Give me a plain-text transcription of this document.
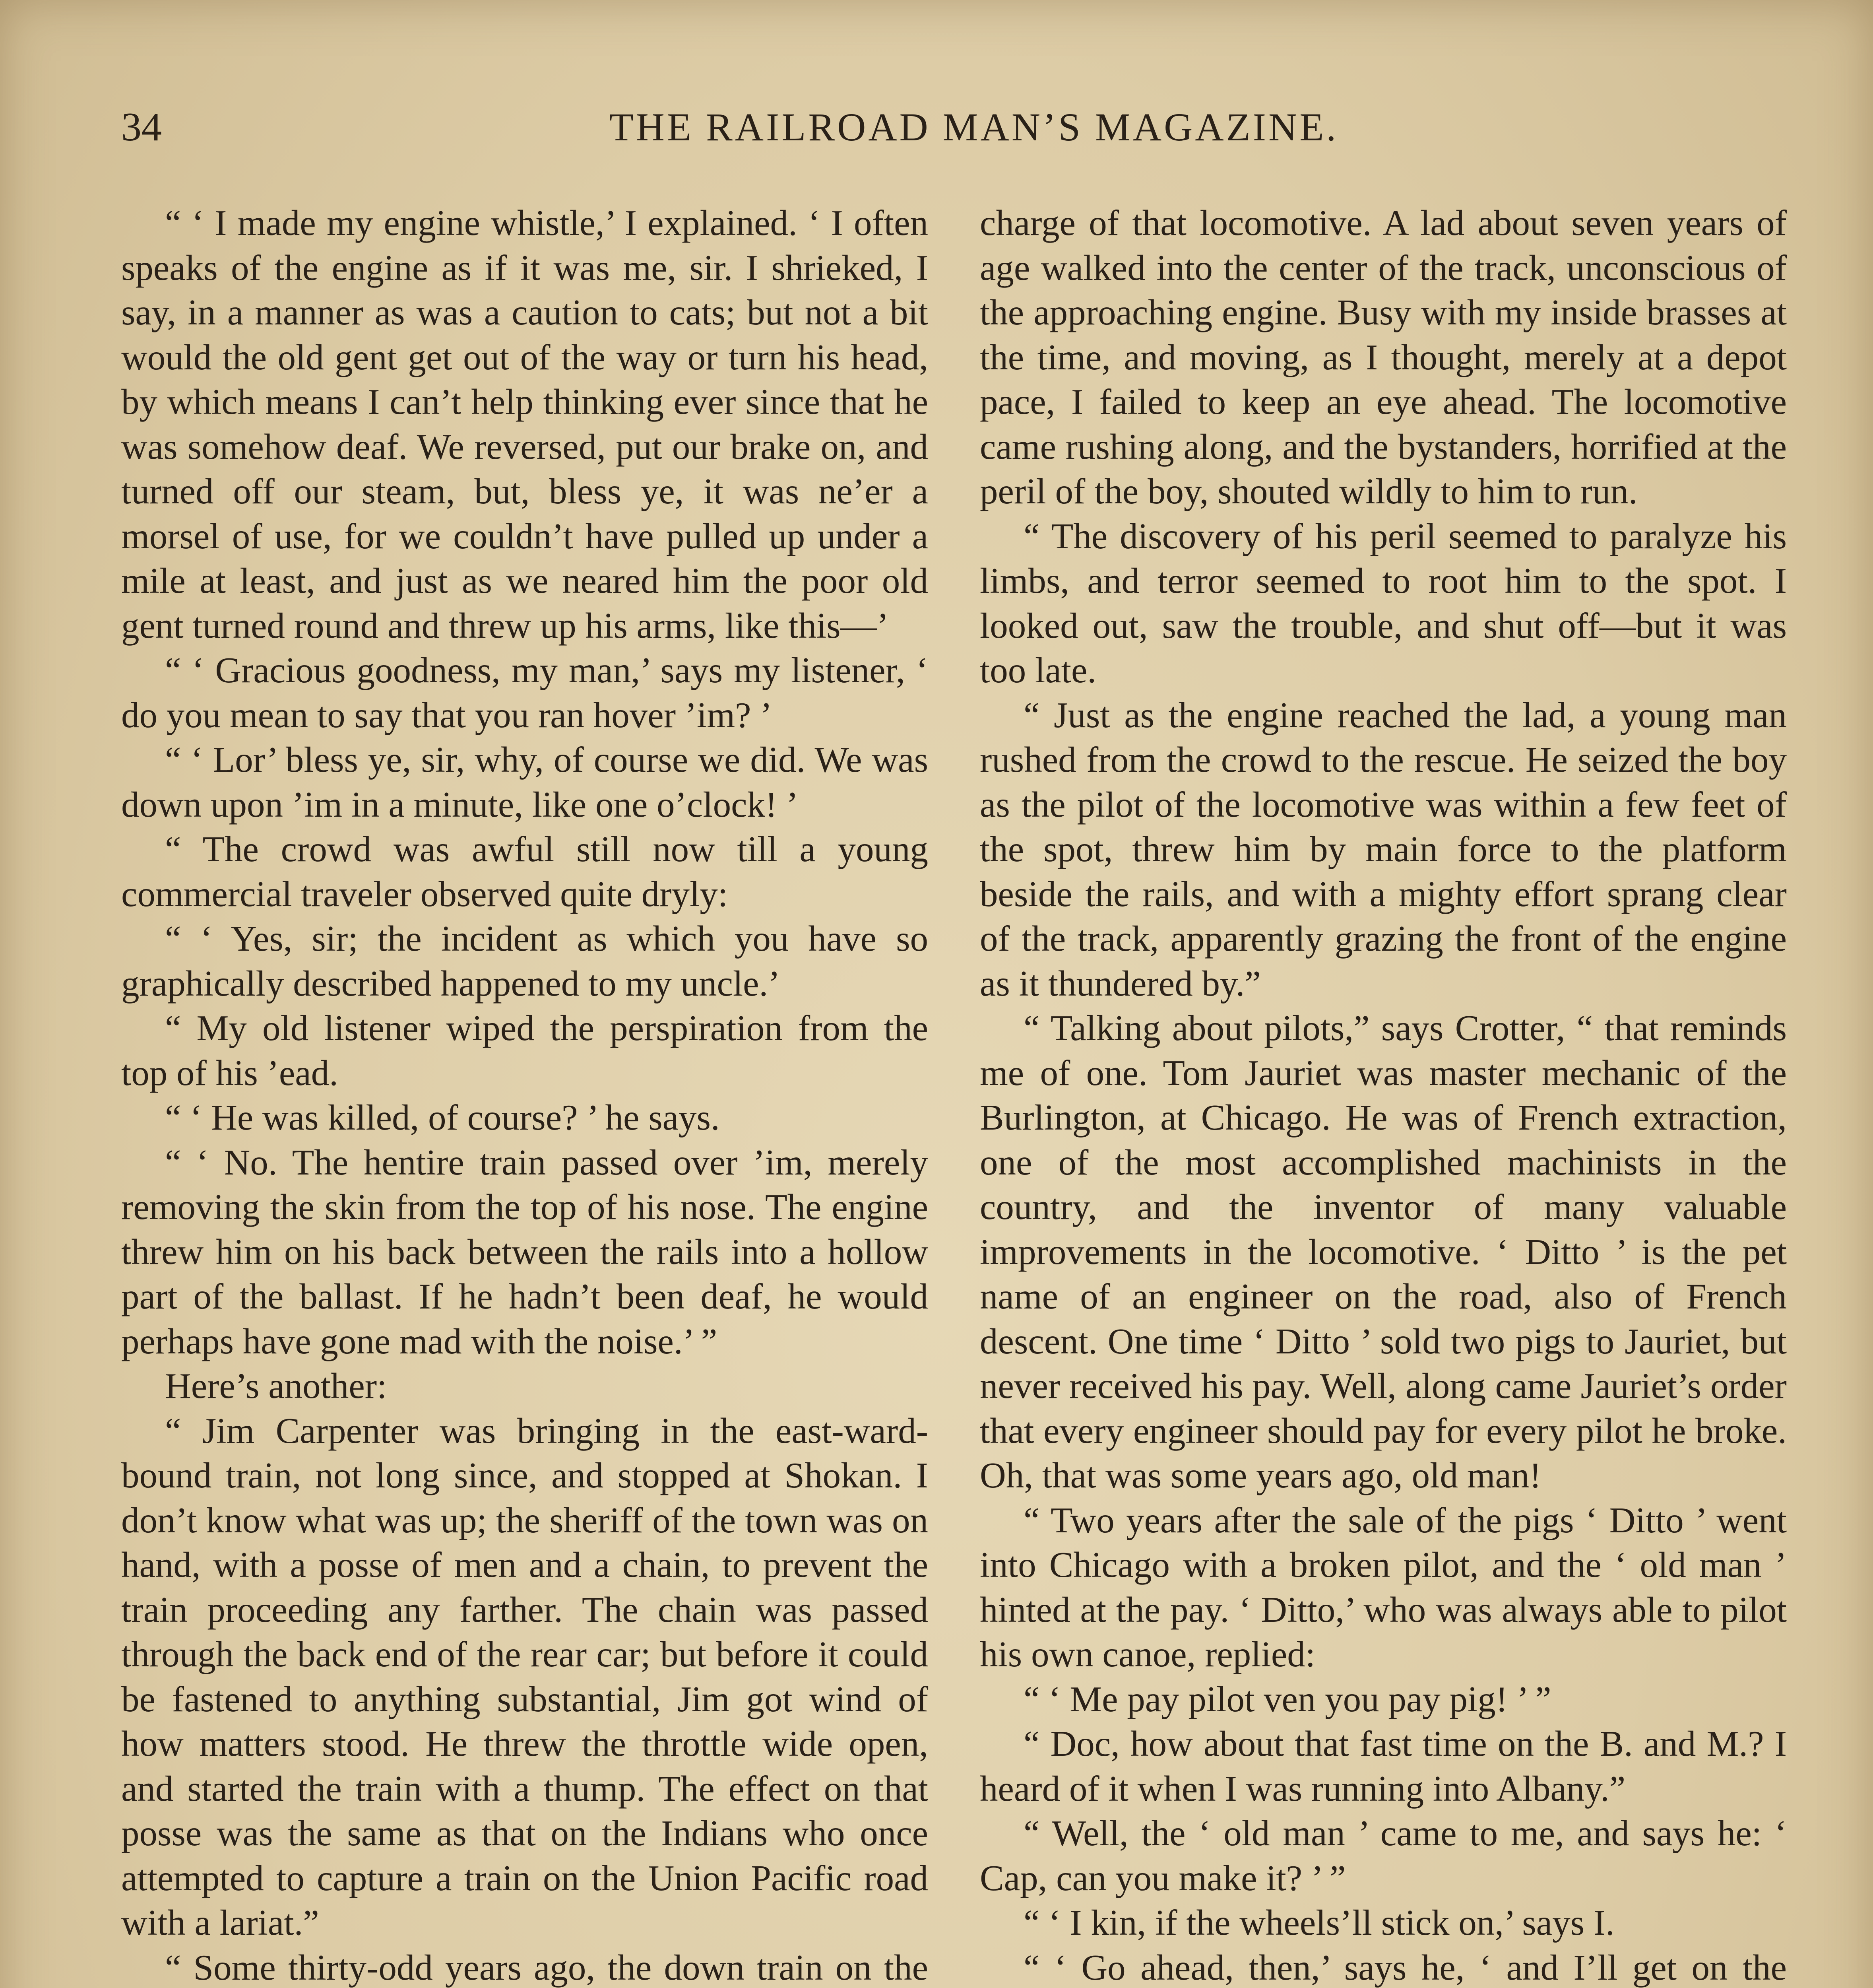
34	THE RAILROAD MAN’S MAGAZINE.

“ ‘ I made my engine whistle,’ I explained. ‘ I often speaks of the engine as if it was me, sir. I shrieked, I say, in a manner as was a caution to cats; but not a bit would the old gent get out of the way or turn his head, by which means I can’t help thinking ever since that he was somehow deaf. We reversed, put our brake on, and turned off our steam, but, bless ye, it was ne’er a morsel of use, for we couldn’t have pulled up under a mile at least, and just as we neared him the poor old gent turned round and threw up his arms, like this—’

“ ‘ Gracious goodness, my man,’ says my listener, ‘ do you mean to say that you ran hover ’im? ’

“ ‘ Lor’ bless ye, sir, why, of course we did. We was down upon ’im in a minute, like one o’clock! ’

“ The crowd was awful still now till a young commercial traveler observed quite dryly:

“ ‘ Yes, sir; the incident as which you have so graphically described happened to my uncle.’

“ My old listener wiped the perspiration from the top of his ’ead.

“ ‘ He was killed, of course? ’ he says.

“ ‘ No. The hentire train passed over ’im, merely removing the skin from the top of his nose. The engine threw him on his back between the rails into a hollow part of the ballast. If he hadn’t been deaf, he would perhaps have gone mad with the noise.’ ”

Here’s another:

“ Jim Carpenter was bringing in the east-ward-bound train, not long since, and stopped at Shokan. I don’t know what was up; the sheriff of the town was on hand, with a posse of men and a chain, to prevent the train proceeding any farther. The chain was passed through the back end of the rear car; but before it could be fastened to anything substantial, Jim got wind of how matters stood. He threw the throttle wide open, and started the train with a thump. The effect on that posse was the same as that on the Indians who once attempted to capture a train on the Union Pacific road with a lariat.”

“ Some thirty-odd years ago, the down train on the

charge of that locomotive. A lad about seven years of age walked into the center of the track, unconscious of the approaching engine. Busy with my inside brasses at the time, and moving, as I thought, merely at a depot pace, I failed to keep an eye ahead. The locomotive came rushing along, and the bystanders, horrified at the peril of the boy, shouted wildly to him to run.

“ The discovery of his peril seemed to paralyze his limbs, and terror seemed to root him to the spot. I looked out, saw the trouble, and shut off—but it was too late.

“ Just as the engine reached the lad, a young man rushed from the crowd to the rescue. He seized the boy as the pilot of the locomotive was within a few feet of the spot, threw him by main force to the platform beside the rails, and with a mighty effort sprang clear of the track, apparently grazing the front of the engine as it thundered by.”

“ Talking about pilots,” says Crotter, “ that reminds me of one. Tom Jauriet was master mechanic of the Burlington, at Chicago. He was of French extraction, one of the most accomplished machinists in the country, and the inventor of many valuable improvements in the locomotive. ‘ Ditto ’ is the pet name of an engineer on the road, also of French descent. One time ‘ Ditto ’ sold two pigs to Jauriet, but never received his pay. Well, along came Jauriet’s order that every engineer should pay for every pilot he broke. Oh, that was some years ago, old man!

“ Two years after the sale of the pigs ‘ Ditto ’ went into Chicago with a broken pilot, and the ‘ old man ’ hinted at the pay. ‘ Ditto,’ who was always able to pilot his own canoe, replied:

“ ‘ Me pay pilot ven you pay pig! ’ ”

“ Doc, how about that fast time on the B. and M.? I heard of it when I was running into Albany.”

“ Well, the ‘ old man ’ came to me, and says he: ‘ Cap, can you make it? ’ ”

“ ‘ I kin, if the wheels’ll stick on,’ says I.

“ ‘ Go ahead, then,’ says he, ‘ and I’ll get on the
